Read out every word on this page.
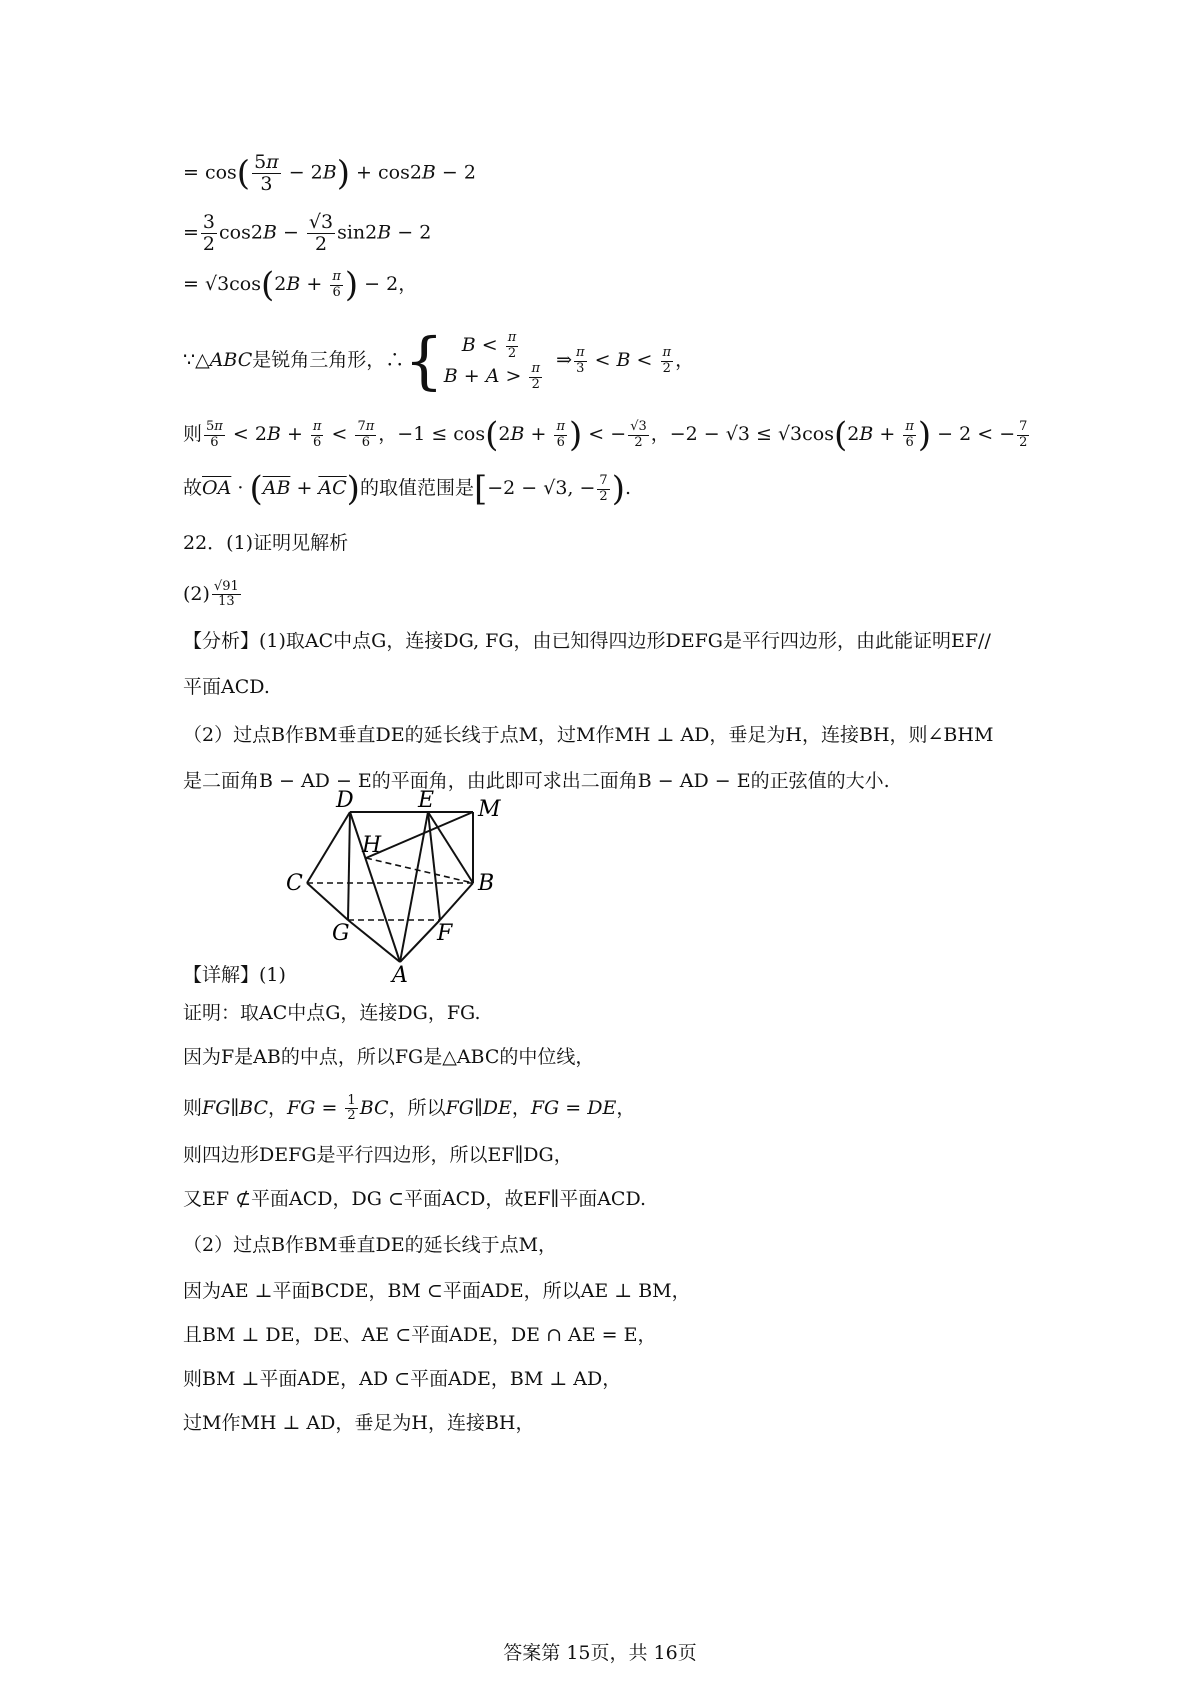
= $\cos( \frac{5\pi}{3} - 2B) + \cos 2B - 2$
= $\frac{3}{2} \cos 2B - \frac{√3}{2} \sin 2B - 2$
= $√3\cos(2B + \frac{\pi}{6}$ ) − 2，
∵△ABC是锐角三角形，∴{ $B < \frac{\pi}{2}$
$B + A > \frac{\pi}{2}$
⇒ $\frac{\pi}{3} < B < \frac{\pi}{2}$ ，
则 $\frac{5\pi}{6} < 2B + \frac{\pi}{6} < \frac{7\pi}{6}$ ，$-1 \le \cos(2B + \frac{\pi}{6}$ ) < − $\frac{√3}{2}$ ，$-2 - √3 \le √3\cos(2B + \frac{\pi}{6}$ ) − 2 < − $\frac{7}{2}$
故$\overline{OA} \cdot (\overline{AB} + \overline{AC})$的取值范围是[−2 − √3, − $\frac{7}{2}$ ).
22．(1)证明见解析
$(2) \frac{√91}{13}$
【分析】(1)取AC中点G，连接DG, FG，由已知得四边形DEFG是平行四边形，由此能证明EF//
平面ACD.
（2）过点B作BM垂直DE的延长线于点M，过M作MH ⊥ AD，垂足为H，连接BH，则∠BHM
是二面角B − AD − E的平面角，由此即可求出二面角B − AD − E的正弦值的大小.
D	E M
H
C	B
G	F
A
【详解】(1)
证明：取AC中点G，连接DG，FG.
因为F是AB的中点，所以FG是△ABC的中位线，
则FG∥BC，FG = $\frac{1}{2}$ BC，所以FG∥DE，FG = DE，
则四边形DEFG是平行四边形，所以EF∥DG，
又EF ⊄平面ACD，DG ⊂平面ACD，故EF∥平面ACD.
（2）过点B作BM垂直DE的延长线于点M，
因为AE ⊥平面BCDE，BM ⊂平面ADE，所以AE ⊥ BM，
且BM ⊥ DE，DE、AE ⊂平面ADE，DE ∩ AE = E，
则BM ⊥平面ADE，AD ⊂平面ADE，BM ⊥ AD，
过M作MH ⊥ AD，垂足为H，连接BH，
答案第 15页，共 16页
